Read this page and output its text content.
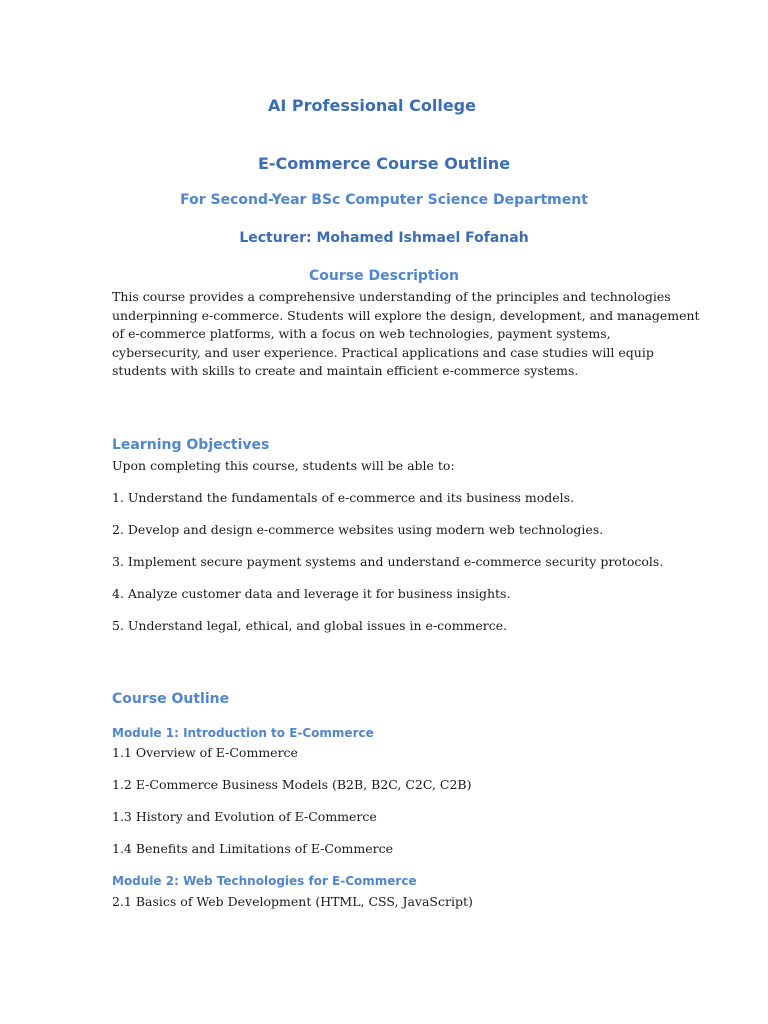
AI Professional College
E-Commerce Course Outline
For Second-Year BSc Computer Science Department
Lecturer: Mohamed Ishmael Fofanah
Course Description
This course provides a comprehensive understanding of the principles and technologies
underpinning e-commerce. Students will explore the design, development, and management
of e-commerce platforms, with a focus on web technologies, payment systems,
cybersecurity, and user experience. Practical applications and case studies will equip
students with skills to create and maintain efficient e-commerce systems.
Learning Objectives

Upon completing this course, students will be able to:

1. Understand the fundamentals of e-commerce and its business models.

2. Develop and design e-commerce websites using modern web technologies.

3. Implement secure payment systems and understand e-commerce security protocols.

4. Analyze customer data and leverage it for business insights.

5. Understand legal, ethical, and global issues in e-commerce.

Course Outline
Module 1: Introduction to E-Commerce

1.1 Overview of E-Commerce

1.2 E-Commerce Business Models (B2B, B2C, C2C, C2B)

1.3 History and Evolution of E-Commerce

1.4 Benefits and Limitations of E-Commerce

Module 2: Web Technologies for E-Commerce

2.1 Basics of Web Development (HTML, CSS, JavaScript)
